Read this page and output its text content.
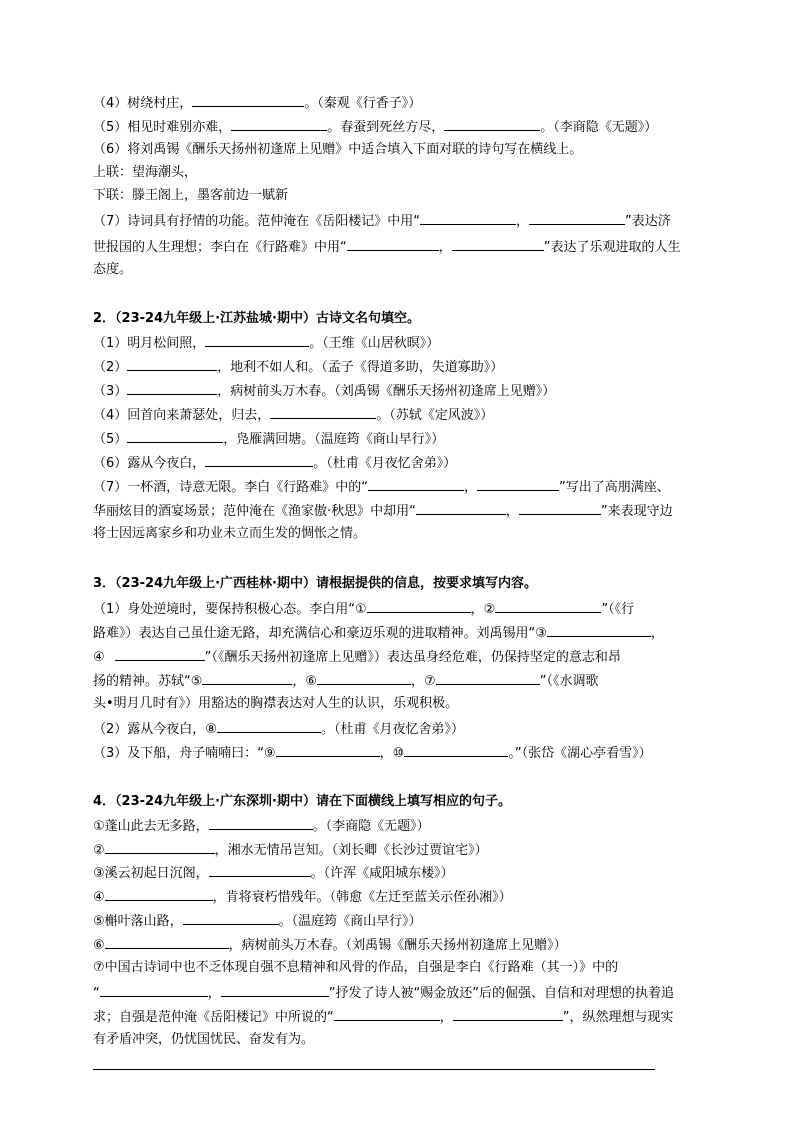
（4）树绕村庄，	。（秦观《行香子》）
（5）相见时难别亦难，	。春蚕到死丝方尽，	。（李商隐《无题》）
（6）将刘禹锡《酬乐天扬州初逢席上见赠》中适合填入下面对联的诗句写在横线上。
上联：望海潮头，
下联：滕王阁上，墨客前边一赋新
（7）诗词具有抒情的功能。范仲淹在《岳阳楼记》中用“	，	”表达济
世报国的人生理想；李白在《行路难》中用“	，	”表达了乐观进取的人生
态度。
2．（23-24九年级上·江苏盐城·期中）古诗文名句填空。
（1）明月松间照，	。（王维《山居秋暝》）
（2）	，地利不如人和。（孟子《得道多助，失道寡助》）
（3）	，病树前头万木春。（刘禹锡《酬乐天扬州初逢席上见赠》）
（4）回首向来萧瑟处，归去，	。（苏轼《定风波》）
（5）	，凫雁满回塘。（温庭筠《商山早行》）
（6）露从今夜白，	。（杜甫《月夜忆舍弟》）
（7）一杯酒，诗意无限。李白《行路难》中的“	，	”写出了高朋满座、
华丽炫目的酒宴场景；范仲淹在《渔家傲·秋思》中却用“	，	”来表现守边
将士因远离家乡和功业未立而生发的惆怅之情。
3．（23-24九年级上·广西桂林·期中）请根据提供的信息，按要求填写内容。
（1）身处逆境时，要保持积极心态。李白用“①	，②	”（《行
路难》）表达自己虽仕途无路，却充满信心和豪迈乐观的进取精神。刘禹锡用“③	，
④	”（《酬乐天扬州初逢席上见赠》）表达虽身经危难，仍保持坚定的意志和昂
扬的精神。苏轼“⑤	，⑥	，⑦	”（《水调歌
头•明月几时有》）用豁达的胸襟表达对人生的认识，乐观积极。
（2）露从今夜白，⑧	。（杜甫《月夜忆舍弟》）
（3）及下船，舟子喃喃曰：“⑨	，⑩	。”（张岱《湖心亭看雪》）
4．（23-24九年级上·广东深圳·期中）请在下面横线上填写相应的句子。
①蓬山此去无多路，	。（李商隐《无题》）
②	，湘水无情吊岂知。（刘长卿《长沙过贾谊宅》）
③溪云初起日沉阁，	。（许浑《咸阳城东楼》）
④	，肯将衰朽惜残年。（韩愈《左迁至蓝关示侄孙湘》）
⑤槲叶落山路，	。（温庭筠《商山早行》）
⑥	，病树前头万木春。（刘禹锡《酬乐天扬州初逢席上见赠》）
⑦中国古诗词中也不乏体现自强不息精神和风骨的作品，自强是李白《行路难（其一）》中的
“	，	”抒发了诗人被“赐金放还”后的倔强、自信和对理想的执着追
求；自强是范仲淹《岳阳楼记》中所说的“	，	”，纵然理想与现实
有矛盾冲突，仍忧国忧民、奋发有为。
